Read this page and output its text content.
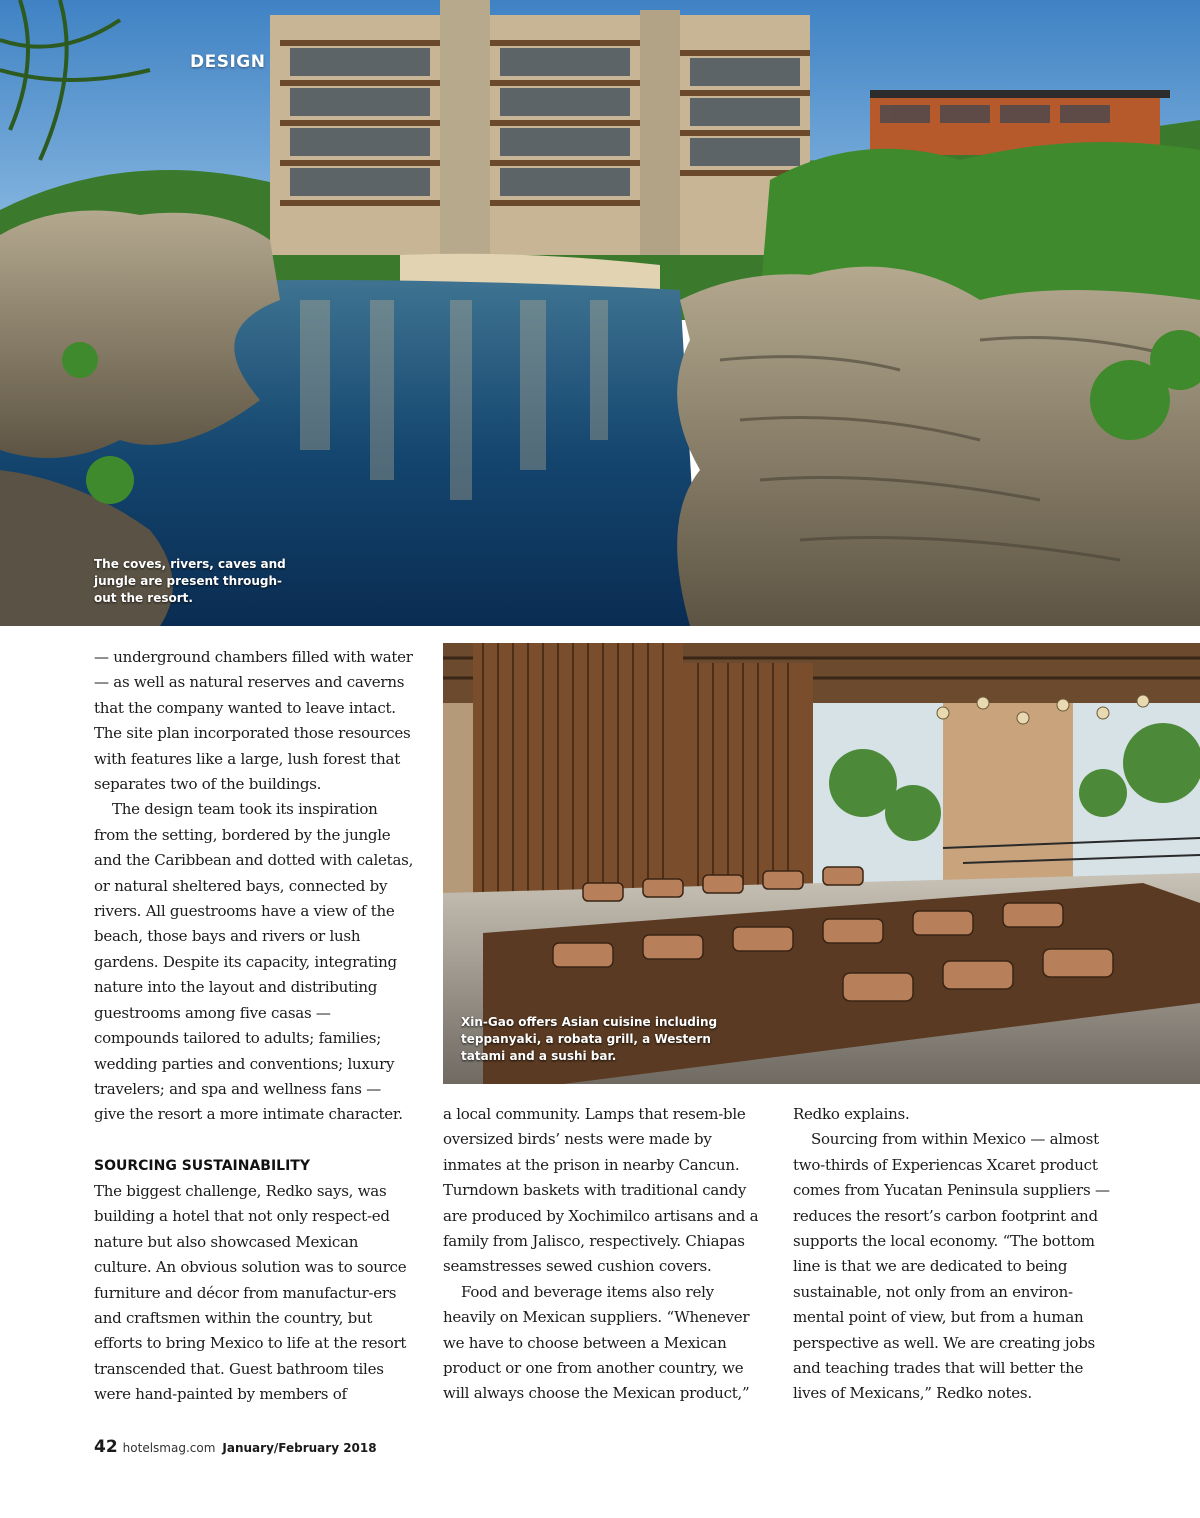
DESIGN
The coves, rivers, caves and jungle are present through-out the resort.
Xin-Gao offers Asian cuisine including teppanyaki, a robata grill, a Western tatami and a sushi bar.

— underground chambers filled with water — as well as natural reserves and caverns that the company wanted to leave intact. The site plan incorporated those resources with features like a large, lush forest that separates two of the buildings.

The design team took its inspiration from the setting, bordered by the jungle and the Caribbean and dotted with caletas, or natural sheltered bays, connected by rivers. All guestrooms have a view of the beach, those bays and rivers or lush gardens. Despite its capacity, integrating nature into the layout and distributing guestrooms among five casas — compounds tailored to adults; families; wedding parties and conventions; luxury travelers; and spa and wellness fans — give the resort a more intimate character.

SOURCING SUSTAINABILITY

The biggest challenge, Redko says, was building a hotel that not only respect-ed nature but also showcased Mexican culture. An obvious solution was to source furniture and décor from manufactur-ers and craftsmen within the country, but efforts to bring Mexico to life at the resort transcended that. Guest bathroom tiles were hand-painted by members of

a local community. Lamps that resem-ble oversized birds’ nests were made by inmates at the prison in nearby Cancun. Turndown baskets with traditional candy are produced by Xochimilco artisans and a family from Jalisco, respectively. Chiapas seamstresses sewed cushion covers.

Food and beverage items also rely heavily on Mexican suppliers. “Whenever we have to choose between a Mexican product or one from another country, we will always choose the Mexican product,”

Redko explains.

Sourcing from within Mexico — almost two-thirds of Experiencas Xcaret product comes from Yucatan Peninsula suppliers — reduces the resort’s carbon footprint and supports the local economy. “The bottom line is that we are dedicated to being sustainable, not only from an environ-mental point of view, but from a human perspective as well. We are creating jobs and teaching trades that will better the lives of Mexicans,” Redko notes.

42 hotelsmag.com January/February 2018
